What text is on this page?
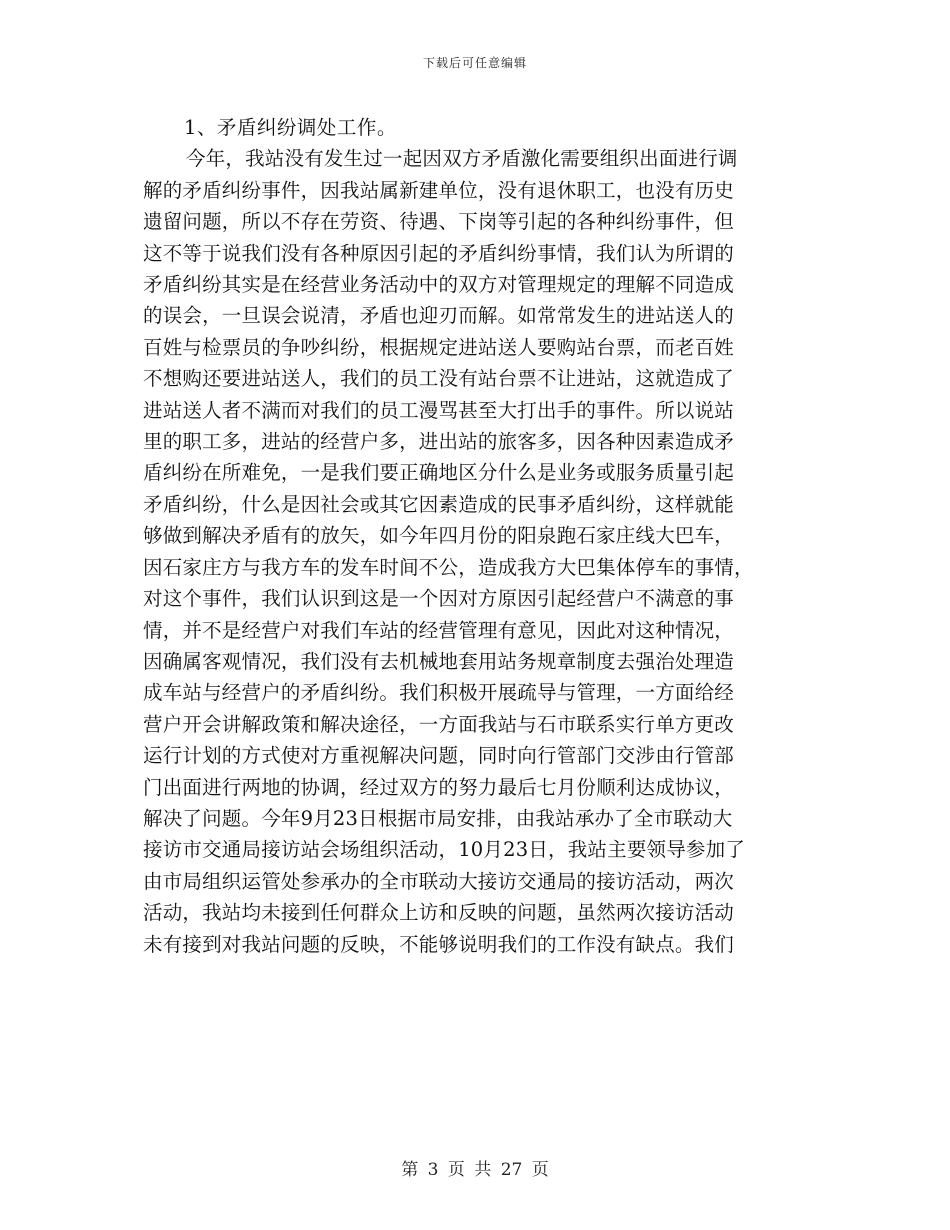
下载后可任意编辑
1、矛盾纠纷调处工作。
今年，我站没有发生过一起因双方矛盾激化需要组织出面进行调
解的矛盾纠纷事件，因我站属新建单位，没有退休职工，也没有历史
遗留问题，所以不存在劳资、待遇、下岗等引起的各种纠纷事件，但
这不等于说我们没有各种原因引起的矛盾纠纷事情，我们认为所谓的
矛盾纠纷其实是在经营业务活动中的双方对管理规定的理解不同造成
的误会，一旦误会说清，矛盾也迎刃而解。如常常发生的进站送人的
百姓与检票员的争吵纠纷，根据规定进站送人要购站台票，而老百姓
不想购还要进站送人，我们的员工没有站台票不让进站，这就造成了
进站送人者不满而对我们的员工漫骂甚至大打出手的事件。所以说站
里的职工多，进站的经营户多，进出站的旅客多，因各种因素造成矛
盾纠纷在所难免，一是我们要正确地区分什么是业务或服务质量引起
矛盾纠纷，什么是因社会或其它因素造成的民事矛盾纠纷，这样就能
够做到解决矛盾有的放矢，如今年四月份的阳泉跑石家庄线大巴车，
因石家庄方与我方车的发车时间不公，造成我方大巴集体停车的事情，
对这个事件，我们认识到这是一个因对方原因引起经营户不满意的事
情，并不是经营户对我们车站的经营管理有意见，因此对这种情况，
因确属客观情况，我们没有去机械地套用站务规章制度去强治处理造
成车站与经营户的矛盾纠纷。我们积极开展疏导与管理，一方面给经
营户开会讲解政策和解决途径，一方面我站与石市联系实行单方更改
运行计划的方式使对方重视解决问题，同时向行管部门交涉由行管部
门出面进行两地的协调，经过双方的努力最后七月份顺利达成协议，
解决了问题。今年9月23日根据市局安排，由我站承办了全市联动大
接访市交通局接访站会场组织活动，10月23日，我站主要领导参加了
由市局组织运管处参承办的全市联动大接访交通局的接访活动，两次
活动，我站均未接到任何群众上访和反映的问题，虽然两次接访活动
未有接到对我站问题的反映，不能够说明我们的工作没有缺点。我们
第 3 页 共 27 页
